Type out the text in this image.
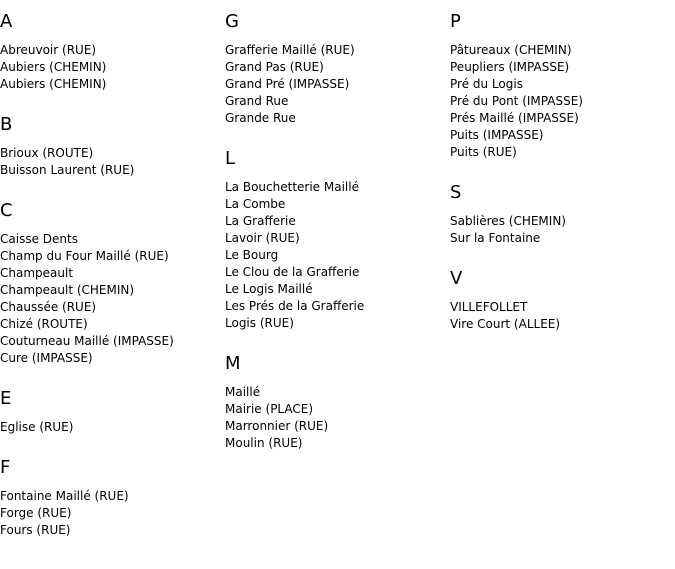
A
Abreuvoir (RUE)
Aubiers (CHEMIN)
Aubiers (CHEMIN)
B
Brioux (ROUTE)
Buisson Laurent (RUE)
C
Caisse Dents
Champ du Four Maillé (RUE)
Champeault
Champeault (CHEMIN)
Chaussée (RUE)
Chizé (ROUTE)
Couturneau Maillé (IMPASSE)
Cure (IMPASSE)
E
Eglise (RUE)
F
Fontaine Maillé (RUE)
Forge (RUE)
Fours (RUE)
G
Grafferie Maillé (RUE)
Grand Pas (RUE)
Grand Pré (IMPASSE)
Grand Rue
Grande Rue
L
La Bouchetterie Maillé
La Combe
La Grafferie
Lavoir (RUE)
Le Bourg
Le Clou de la Grafferie
Le Logis Maillé
Les Prés de la Grafferie
Logis (RUE)
M
Maillé
Mairie (PLACE)
Marronnier (RUE)
Moulin (RUE)
P
Pâtureaux (CHEMIN)
Peupliers (IMPASSE)
Pré du Logis
Pré du Pont (IMPASSE)
Prés Maillé (IMPASSE)
Puits (IMPASSE)
Puits (RUE)
S
Sablières (CHEMIN)
Sur la Fontaine
V
VILLEFOLLET
Vire Court (ALLEE)
